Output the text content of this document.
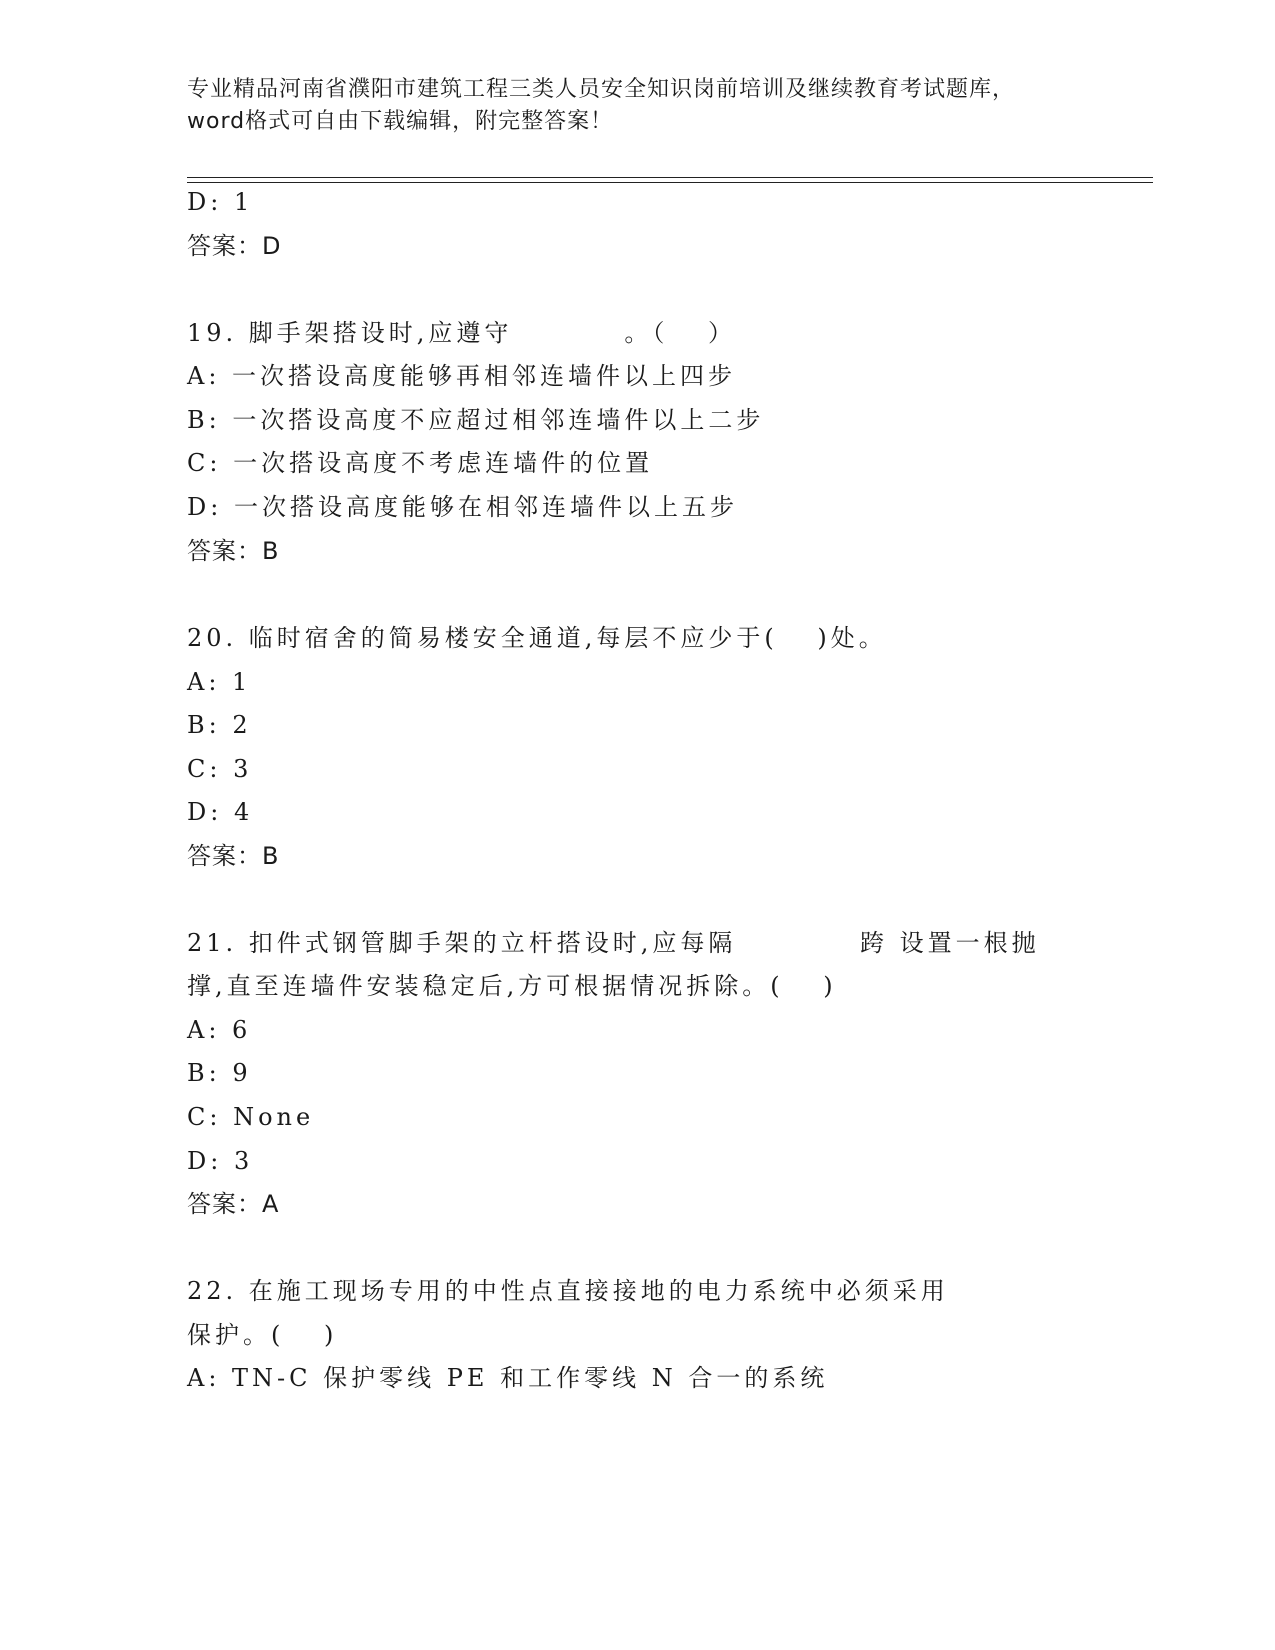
专业精品河南省濮阳市建筑工程三类人员安全知识岗前培训及继续教育考试题库，
word格式可自由下载编辑，附完整答案！
D: 1
答案：D
19. 脚手架搭设时,应遵守　　　　。（　 ）
A: 一次搭设高度能够再相邻连墙件以上四步
B: 一次搭设高度不应超过相邻连墙件以上二步
C: 一次搭设高度不考虑连墙件的位置
D: 一次搭设高度能够在相邻连墙件以上五步
答案：B
20. 临时宿舍的简易楼安全通道,每层不应少于(　 )处。
A: 1
B: 2
C: 3
D: 4
答案：B
21. 扣件式钢管脚手架的立杆搭设时,应每隔　　　　 跨 设置一根抛
撑,直至连墙件安装稳定后,方可根据情况拆除。(　 )
A: 6
B: 9
C: None
D: 3
答案：A
22. 在施工现场专用的中性点直接接地的电力系统中必须采用
保护。(　 )
A: TN-C 保护零线 PE 和工作零线 N 合一的系统
